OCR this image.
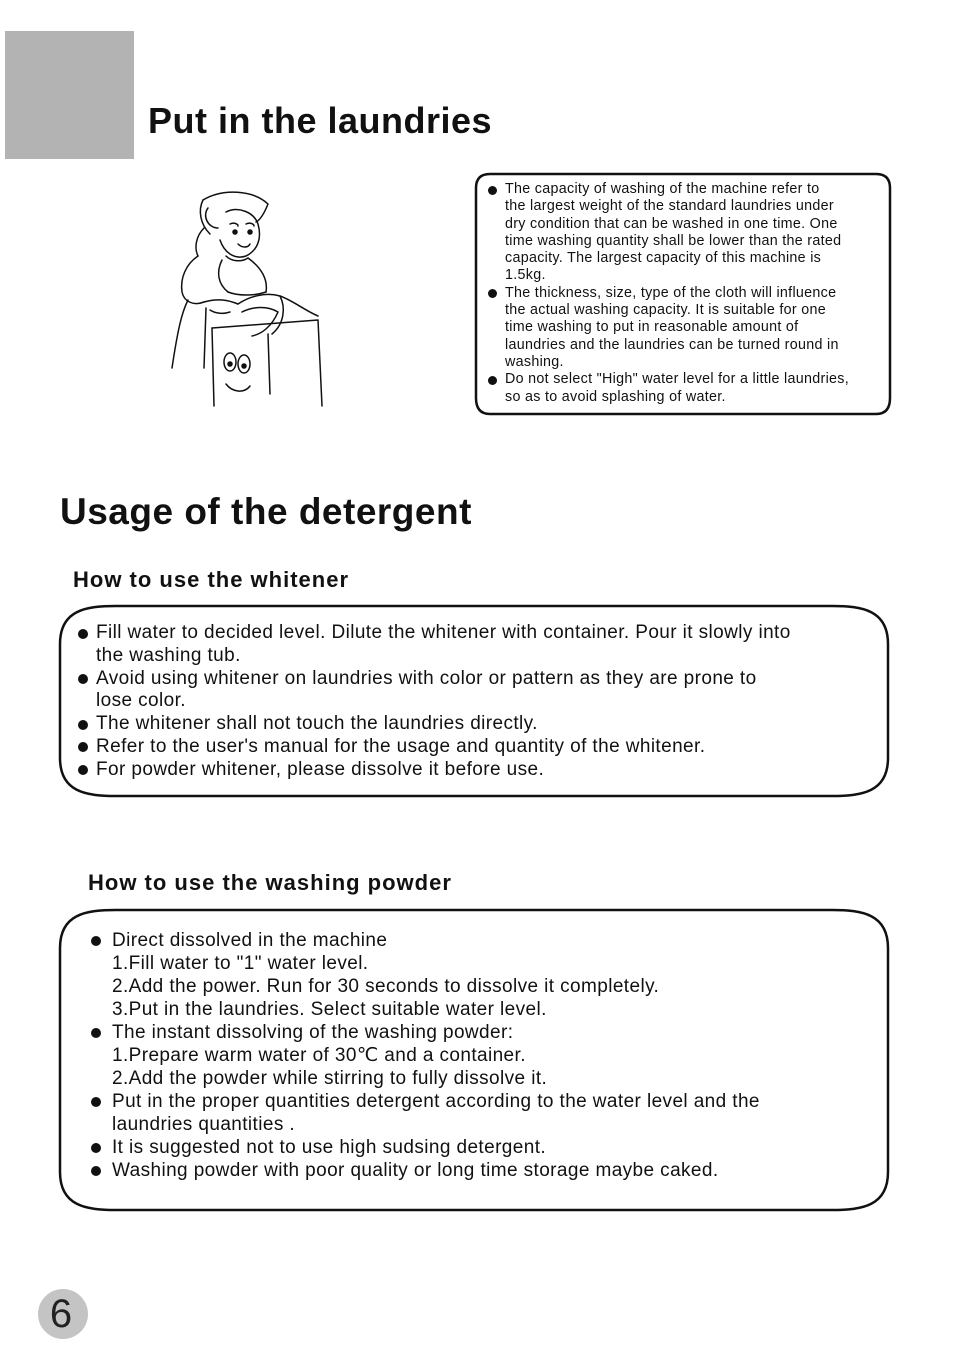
Put in the laundries
The capacity of washing of the machine refer to
the largest weight of the standard laundries under
dry condition that can be washed in one time. One
time washing quantity shall be lower than the rated
capacity. The largest capacity of this machine is
1.5kg.
The thickness, size, type of the cloth will influence
the actual washing capacity. It is suitable for one
time washing to put in reasonable amount of
laundries and the laundries can be turned round in
washing.
Do not select "High" water level for a little laundries,
so as to avoid splashing of water.
Usage of the detergent
How to use the whitener
Fill water to decided level. Dilute the whitener with container. Pour it slowly into
the washing tub.
Avoid using whitener on laundries with color or pattern as they are prone to
lose color.
The whitener shall not touch the laundries directly.
Refer to the user's manual for the usage and quantity of the whitener.
For powder whitener, please dissolve it before use.
How to use the washing powder
Direct dissolved in the machine
1.Fill water to "1" water level.
2.Add the power. Run for 30 seconds to dissolve it completely.
3.Put in the laundries. Select suitable water level.
The instant dissolving of the washing powder:
1.Prepare warm water of 30℃ and a container.
2.Add the powder while stirring to fully dissolve it.
Put in the proper quantities detergent according to the water level and the
laundries quantities .
It is suggested not to use high sudsing detergent.
Washing powder with poor quality or long time storage maybe caked.
6
